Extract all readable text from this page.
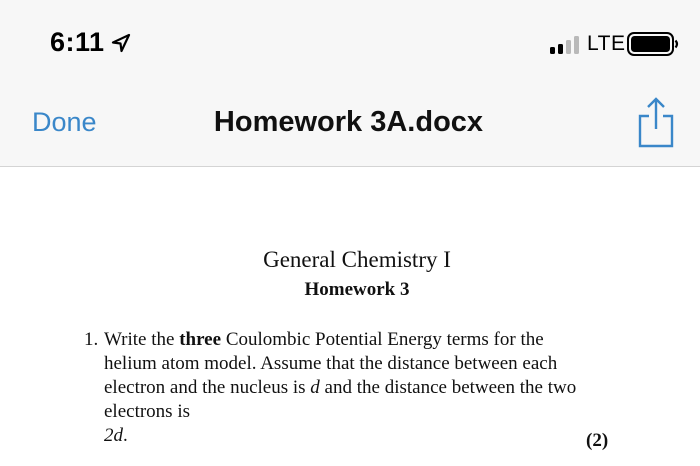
6:11	LTE
Done	Homework 3A.docx
General Chemistry I
Homework 3
1. Write the three Coulombic Potential Energy terms for the
helium atom model. Assume that the distance between each
electron and the nucleus is d and the distance between the two
electrons is
2d.	(2)
